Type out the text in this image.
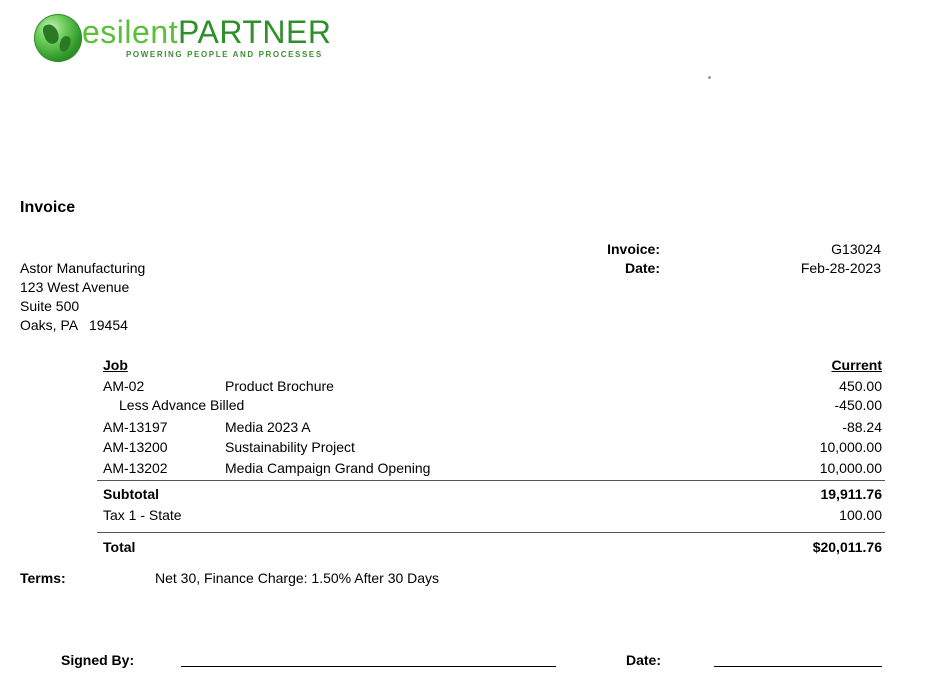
esilentPARTNER
POWERING PEOPLE AND PROCESSES
Invoice
Invoice:	G13024
Date:	Feb-28-2023
Astor Manufacturing
123 West Avenue
Suite 500
Oaks, PA   19454
Job	Current
AM-02	Product Brochure	450.00
Less Advance Billed	-450.00
AM-13197	Media 2023 A	-88.24
AM-13200	Sustainability Project	10,000.00
AM-13202	Media Campaign Grand Opening	10,000.00
Subtotal	19,911.76
Tax 1 - State	100.00
Total	$20,011.76
Terms:	Net 30, Finance Charge: 1.50% After 30 Days
Signed By:	Date:
